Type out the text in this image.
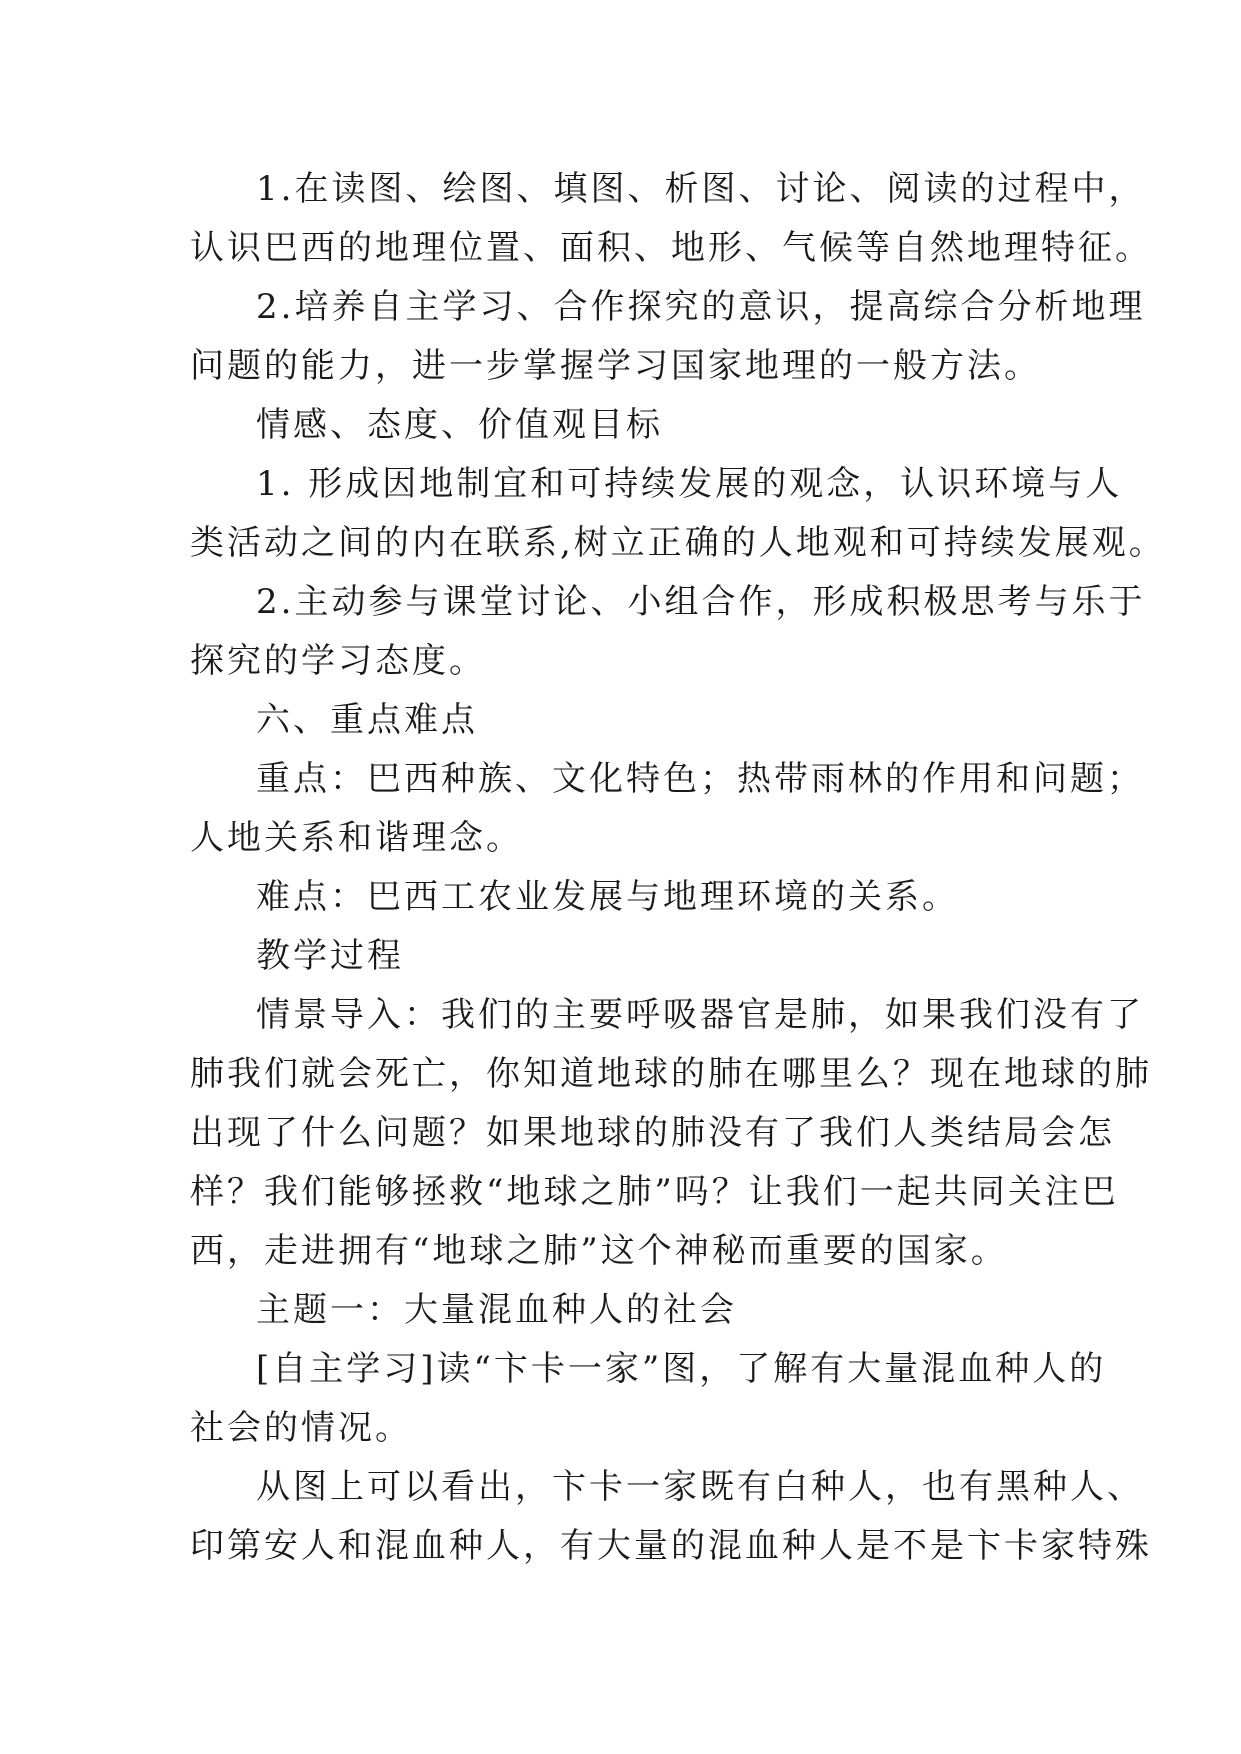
1.在读图、绘图、填图、析图、讨论、阅读的过程中，
认识巴西的地理位置、面积、地形、气候等自然地理特征。
2.培养自主学习、合作探究的意识，提高综合分析地理
问题的能力，进一步掌握学习国家地理的一般方法。
情感、态度、价值观目标
1. 形成因地制宜和可持续发展的观念，认识环境与人
类活动之间的内在联系,树立正确的人地观和可持续发展观。
2.主动参与课堂讨论、小组合作，形成积极思考与乐于
探究的学习态度。
六、重点难点
重点：巴西种族、文化特色；热带雨林的作用和问题；
人地关系和谐理念。
难点：巴西工农业发展与地理环境的关系。
教学过程
情景导入：我们的主要呼吸器官是肺，如果我们没有了
肺我们就会死亡，你知道地球的肺在哪里么？现在地球的肺
出现了什么问题？如果地球的肺没有了我们人类结局会怎
样？我们能够拯救“地球之肺”吗？让我们一起共同关注巴
西，走进拥有“地球之肺”这个神秘而重要的国家。
主题一：大量混血种人的社会
[自主学习]读“卞卡一家”图，了解有大量混血种人的
社会的情况。
从图上可以看出，卞卡一家既有白种人，也有黑种人、
印第安人和混血种人，有大量的混血种人是不是卞卡家特殊
